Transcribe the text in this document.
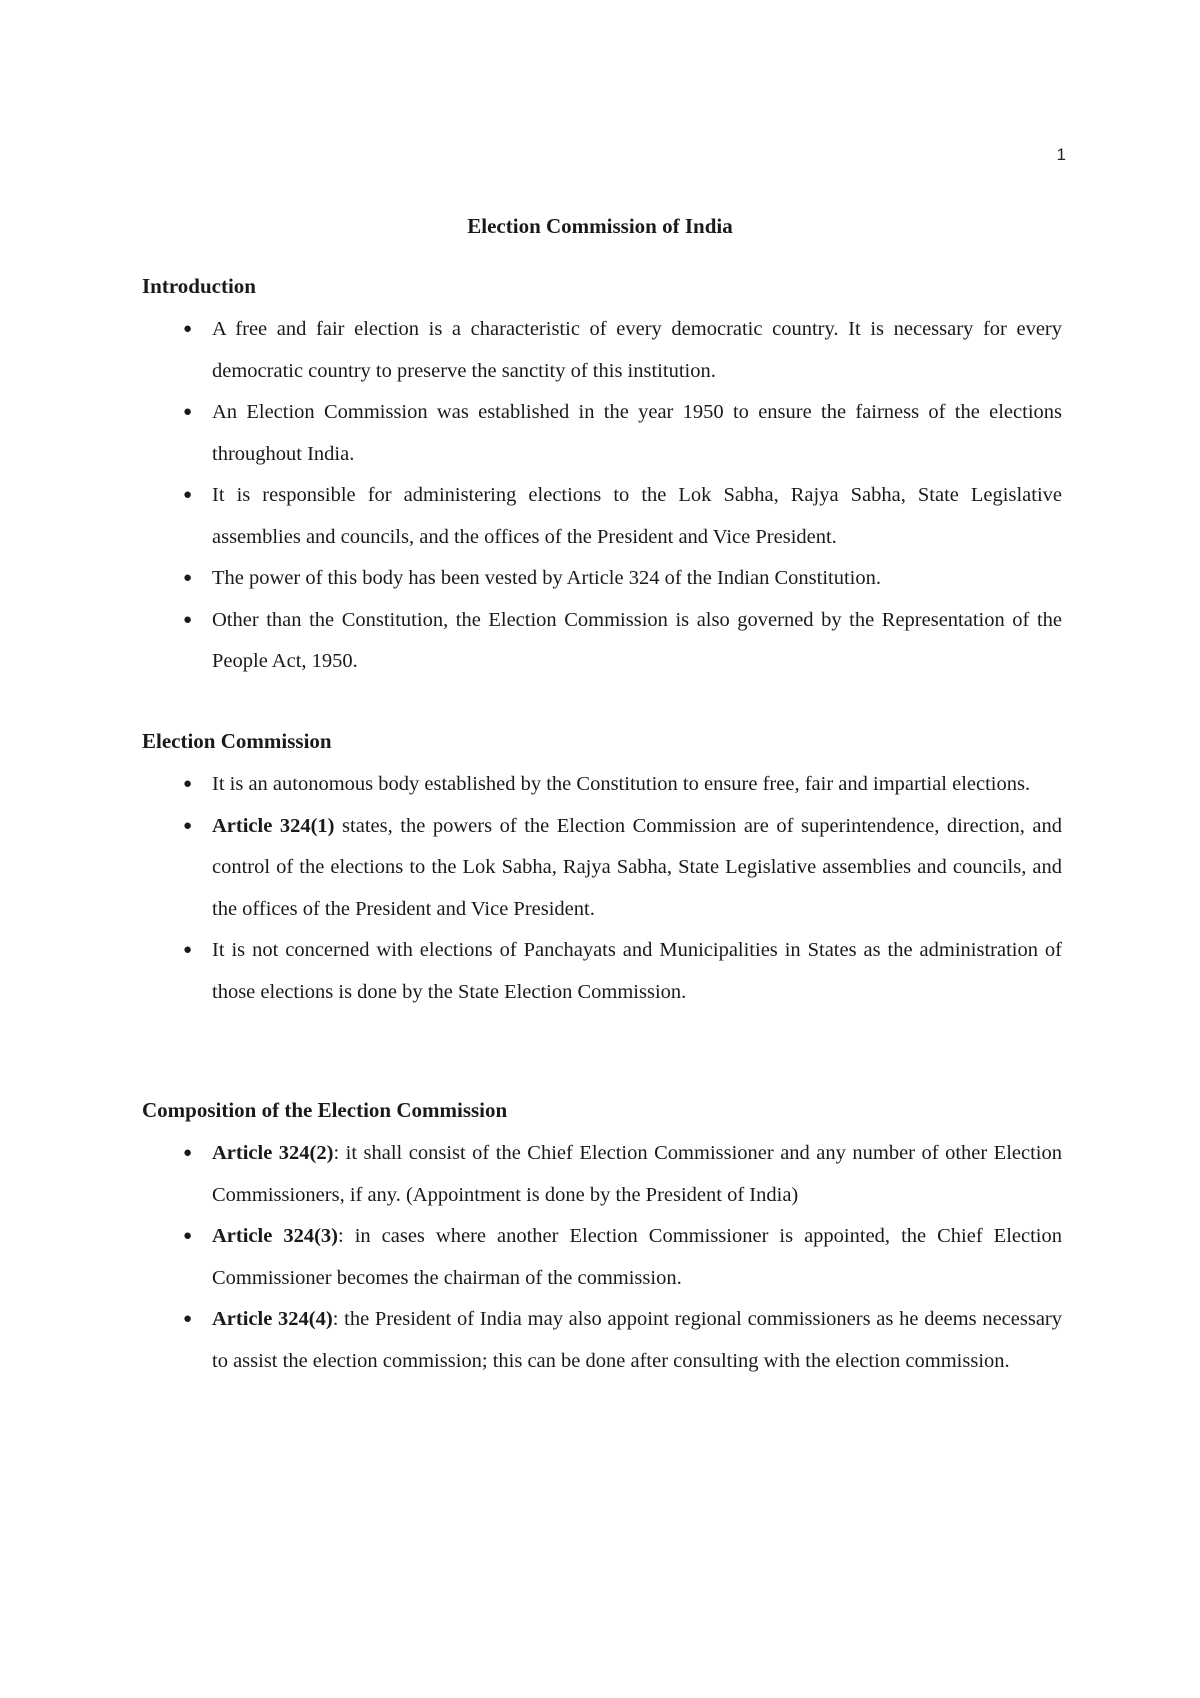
1
Election Commission of India
Introduction
● A free and fair election is a characteristic of every democratic country. It is necessary for every democratic country to preserve the sanctity of this institution.
● An Election Commission was established in the year 1950 to ensure the fairness of the elections throughout India.
● It is responsible for administering elections to the Lok Sabha, Rajya Sabha, State Legislative assemblies and councils, and the offices of the President and Vice President.
● The power of this body has been vested by Article 324 of the Indian Constitution.
● Other than the Constitution, the Election Commission is also governed by the Representation of the People Act, 1950.
Election Commission
● It is an autonomous body established by the Constitution to ensure free, fair and impartial elections.
● Article 324(1) states, the powers of the Election Commission are of superintendence, direction, and control of the elections to the Lok Sabha, Rajya Sabha, State Legislative assemblies and councils, and the offices of the President and Vice President.
● It is not concerned with elections of Panchayats and Municipalities in States as the administration of those elections is done by the State Election Commission.
Composition of the Election Commission
● Article 324(2): it shall consist of the Chief Election Commissioner and any number of other Election Commissioners, if any. (Appointment is done by the President of India)
● Article 324(3): in cases where another Election Commissioner is appointed, the Chief Election Commissioner becomes the chairman of the commission.
● Article 324(4): the President of India may also appoint regional commissioners as he deems necessary to assist the election commission; this can be done after consulting with the election commission.
